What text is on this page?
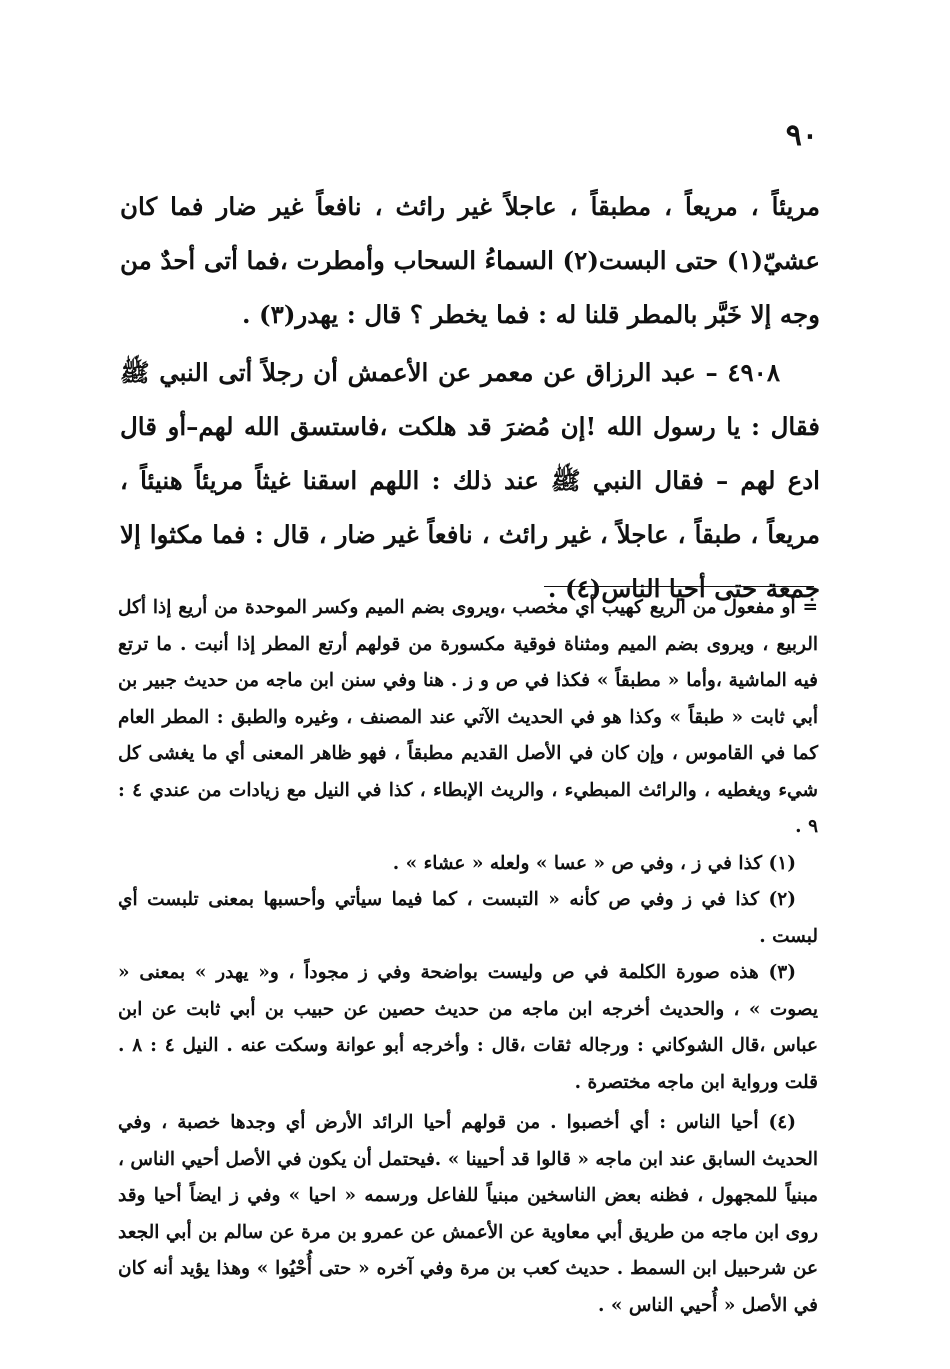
٩٠

مريئاً ، مريعاً ، مطبقاً ، عاجلاً غير رائث ، نافعاً غير ضار فما كان عشي‌ّ(١) حتى البست(٢) السماءُ السحاب وأمطرت ،فما أتى أحدٌ من وجه إلا خَبَّر بالمطر قلنا له : فما يخطر ؟ قال : يهدر(٣) .

٤٩٠٨ – عبد الرزاق عن معمر عن الأعمش أن رجلاً أتى النبي ﷺ فقال : يا رسول الله !إن مُضرَ قد هلكت ،فاستسق الله لهم–أو قال ادع لهم – فقال النبي ﷺ عند ذلك : اللهم اسقنا غيثاً مريئاً هنيئاً ، مريعاً ، طبقاً ، عاجلاً ، غير رائث ، نافعاً غير ضار ، قال : فما مكثوا إلا جمعة حتى أحيا الناس(٤) .

= أو مفعول من الريع كهيب أي مخصب ،ويروى بضم الميم وكسر الموحدة من أريع إذا أكل الربيع ، ويروى بضم الميم ومثناة فوقية مكسورة من قولهم أرتع المطر إذا أنبت . ما ترتع فيه الماشية ،وأما « مطبقاً » فكذا في ص و ز . هنا وفي سنن ابن ماجه من حديث جبير بن أبي ثابت « طبقاً » وكذا هو في الحديث الآتي عند المصنف ، وغيره والطبق : المطر العام كما في القاموس ، وإن كان في الأصل القديم مطبقاً ، فهو ظاهر المعنى أي ما يغشى كل شيء ويغطيه ، والرائث المبطيء ، والريث الإبطاء ، كذا في النيل مع زيادات من عندي ٤ : ٩ .

(١) كذا في ز ، وفي ص « عسا » ولعله « عشاء » .

(٢) كذا في ز وفي ص كأنه « التبست ، كما فيما سيأتي وأحسبها بمعنى تلبست أي لبست .

(٣) هذه صورة الكلمة في ص وليست بواضحة وفي ز مجوداً ، و« يهدر » بمعنى « يصوت » ، والحديث أخرجه ابن ماجه من حديث حصين عن حبيب بن أبي ثابت عن ابن عباس ،قال الشوكاني : ورجاله ثقات ،قال : وأخرجه أبو عوانة وسكت عنه . النيل ٤ : ٨ . قلت ورواية ابن ماجه مختصرة .

(٤) أحيا الناس : أي أخصبوا . من قولهم أحيا الرائد الأرض أي وجدها خصبة ، وفي الحديث السابق عند ابن ماجه « قالوا قد أحيينا » .فيحتمل أن يكون في الأصل أحيي الناس ، مبنياً للمجهول ، فظنه بعض الناسخين مبنياً للفاعل ورسمه « احيا » وفي ز ايضاً أحيا وقد روى ابن ماجه من طريق أبي معاوية عن الأعمش عن عمرو بن مرة عن سالم بن أبي الجعد عن شرحبيل ابن السمط . حديث كعب بن مرة وفي آخره « حتى أُحْيُوا » وهذا يؤيد أنه كان في الأصل « أُحيي الناس » .
